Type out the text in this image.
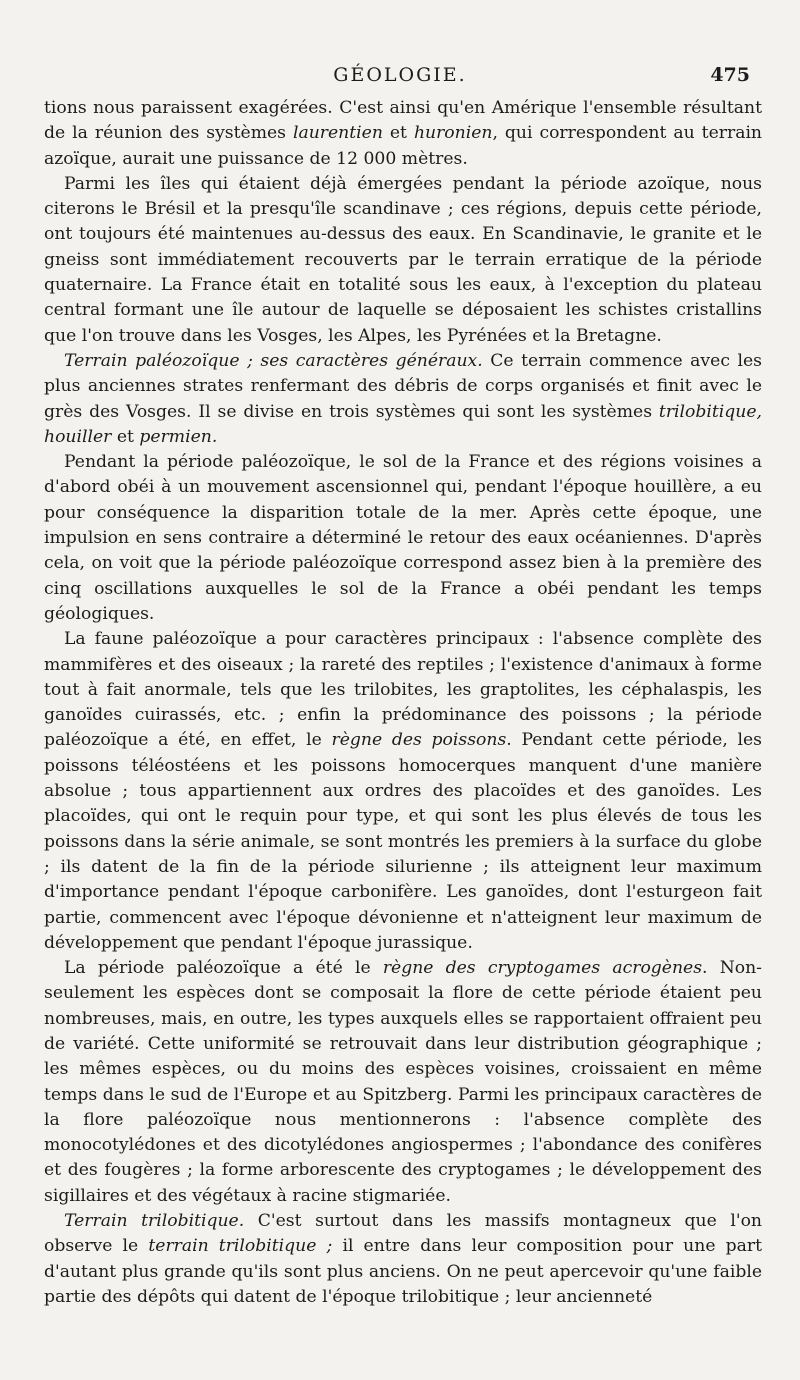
GÉOLOGIE.	475

tions nous paraissent exagérées. C'est ainsi qu'en Amérique l'ensemble résultant de la réunion des systèmes laurentien et huronien, qui correspondent au terrain azoïque, aurait une puissance de 12 000 mètres.

Parmi les îles qui étaient déjà émergées pendant la période azoïque, nous citerons le Brésil et la presqu'île scandinave ; ces régions, depuis cette période, ont toujours été maintenues au-dessus des eaux. En Scandinavie, le granite et le gneiss sont immédiatement recouverts par le terrain erratique de la période quaternaire. La France était en totalité sous les eaux, à l'exception du plateau central formant une île autour de laquelle se déposaient les schistes cristallins que l'on trouve dans les Vosges, les Alpes, les Pyrénées et la Bretagne.

Terrain paléozoïque ; ses caractères généraux. Ce terrain commence avec les plus anciennes strates renfermant des débris de corps organisés et finit avec le grès des Vosges. Il se divise en trois systèmes qui sont les systèmes trilobitique, houiller et permien.

Pendant la période paléozoïque, le sol de la France et des régions voisines a d'abord obéi à un mouvement ascensionnel qui, pendant l'époque houillère, a eu pour conséquence la disparition totale de la mer. Après cette époque, une impulsion en sens contraire a déterminé le retour des eaux océaniennes. D'après cela, on voit que la période paléozoïque correspond assez bien à la première des cinq oscillations auxquelles le sol de la France a obéi pendant les temps géologiques.

La faune paléozoïque a pour caractères principaux : l'absence complète des mammifères et des oiseaux ; la rareté des reptiles ; l'existence d'animaux à forme tout à fait anormale, tels que les trilobites, les graptolites, les céphalaspis, les ganoïdes cuirassés, etc. ; enfin la prédominance des poissons ; la période paléozoïque a été, en effet, le règne des poissons. Pendant cette période, les poissons téléostéens et les poissons homocerques manquent d'une manière absolue ; tous appartiennent aux ordres des placoïdes et des ganoïdes. Les placoïdes, qui ont le requin pour type, et qui sont les plus élevés de tous les poissons dans la série animale, se sont montrés les premiers à la surface du globe ; ils datent de la fin de la période silurienne ; ils atteignent leur maximum d'importance pendant l'époque carbonifère. Les ganoïdes, dont l'esturgeon fait partie, commencent avec l'époque dévonienne et n'atteignent leur maximum de développement que pendant l'époque jurassique.

La période paléozoïque a été le règne des cryptogames acrogènes. Non-seulement les espèces dont se composait la flore de cette période étaient peu nombreuses, mais, en outre, les types auxquels elles se rapportaient offraient peu de variété. Cette uniformité se retrouvait dans leur distribution géographique ; les mêmes espèces, ou du moins des espèces voisines, croissaient en même temps dans le sud de l'Europe et au Spitzberg. Parmi les principaux caractères de la flore paléozoïque nous mentionnerons : l'absence complète des monocotylédones et des dicotylédones angiospermes ; l'abondance des conifères et des fougères ; la forme arborescente des cryptogames ; le développement des sigillaires et des végétaux à racine stigmariée.

Terrain trilobitique. C'est surtout dans les massifs montagneux que l'on observe le terrain trilobitique ; il entre dans leur composition pour une part d'autant plus grande qu'ils sont plus anciens. On ne peut apercevoir qu'une faible partie des dépôts qui datent de l'époque trilobitique ; leur ancienneté
